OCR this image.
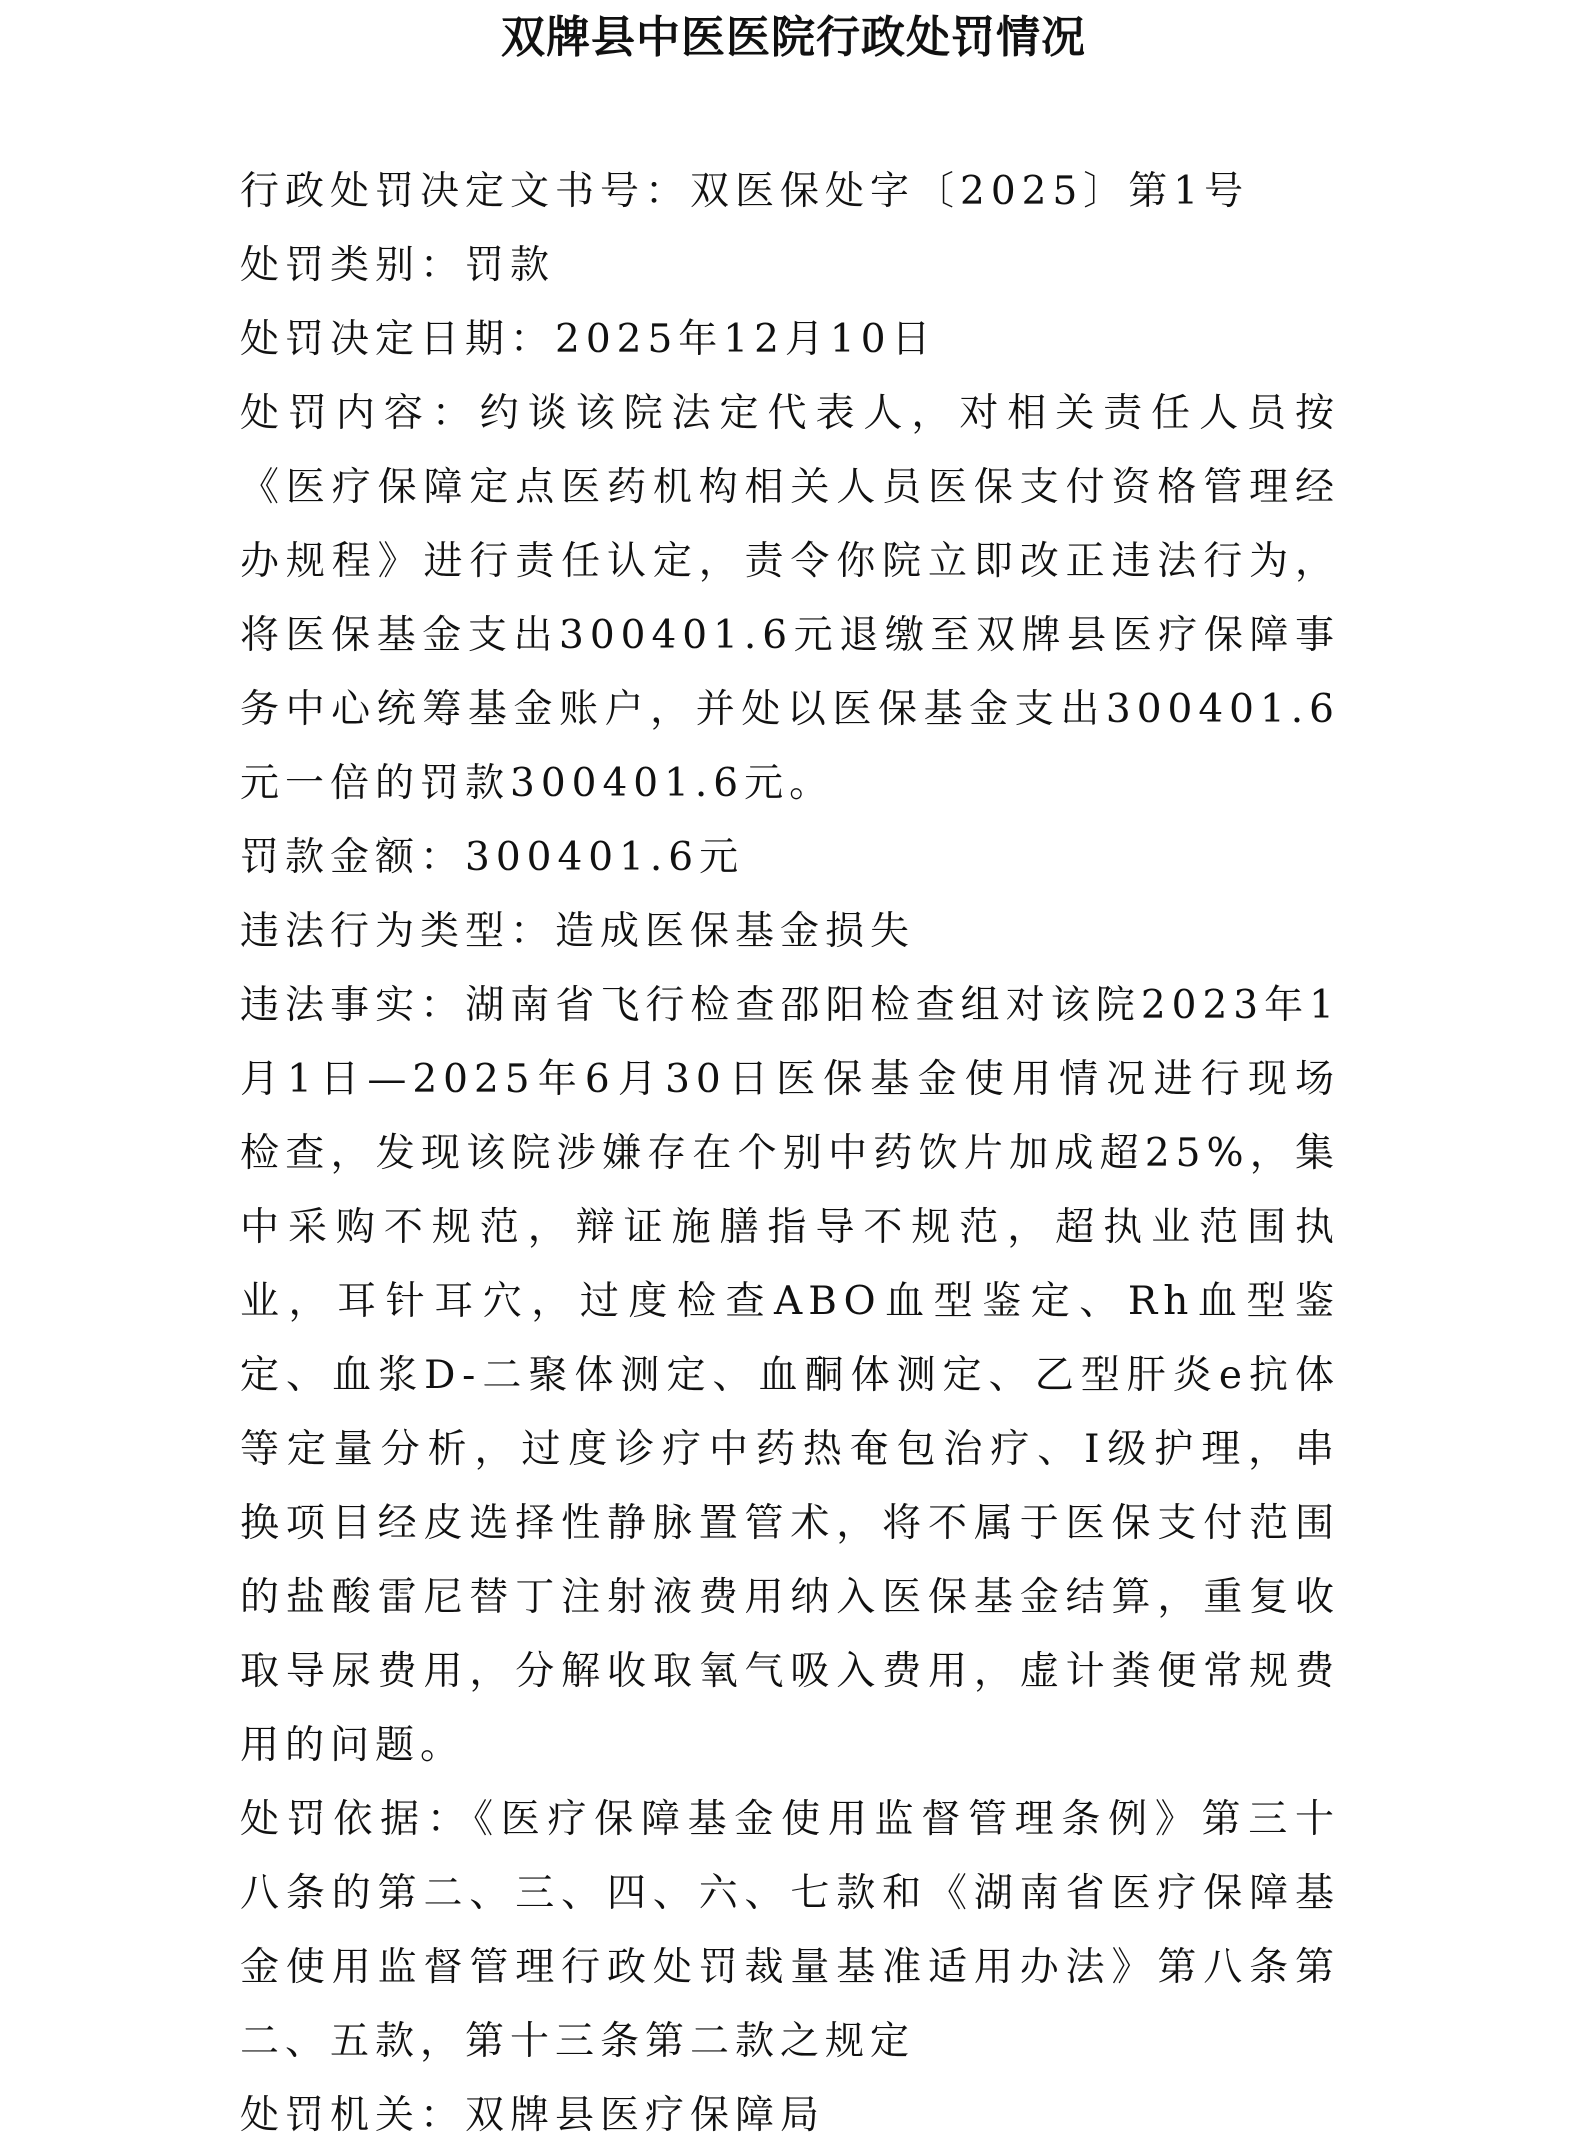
双牌县中医医院行政处罚情况

行政处罚决定文书号：双医保处字〔2025〕第1号

处罚类别：罚款

处罚决定日期：2025年12月10日

处罚内容：约谈该院法定代表人，对相关责任人员按《医疗保障定点医药机构相关人员医保支付资格管理经办规程》进行责任认定，责令你院立即改正违法行为，将医保基金支出300401.6元退缴至双牌县医疗保障事务中心统筹基金账户，并处以医保基金支出300401.6元一倍的罚款300401.6元。

罚款金额：300401.6元

违法行为类型：造成医保基金损失

违法事实：湖南省飞行检查邵阳检查组对该院2023年1月1日—2025年6月30日医保基金使用情况进行现场检查，发现该院涉嫌存在个别中药饮片加成超25%，集中采购不规范，辩证施膳指导不规范，超执业范围执业，耳针耳穴，过度检查ABO血型鉴定、Rh血型鉴定、血浆D-二聚体测定、血酮体测定、乙型肝炎e抗体等定量分析，过度诊疗中药热奄包治疗、Ⅰ级护理，串换项目经皮选择性静脉置管术，将不属于医保支付范围的盐酸雷尼替丁注射液费用纳入医保基金结算，重复收取导尿费用，分解收取氧气吸入费用，虚计粪便常规费用的问题。

处罚依据：《医疗保障基金使用监督管理条例》第三十八条的第二、三、四、六、七款和《湖南省医疗保障基金使用监督管理行政处罚裁量基准适用办法》第八条第二、五款，第十三条第二款之规定

处罚机关：双牌县医疗保障局
